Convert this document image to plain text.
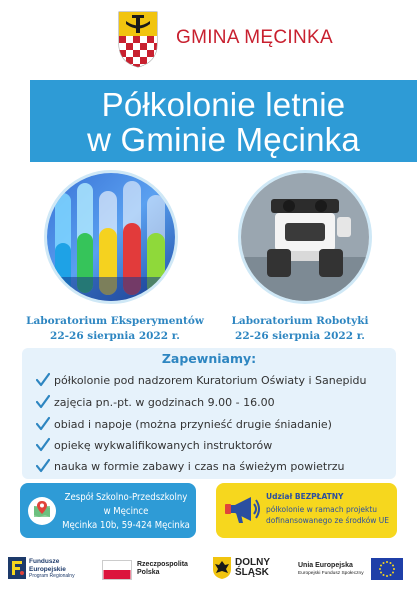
GMINA MĘCINKA
Półkolonie letnie
w Gminie Męcinka
Laboratorium Eksperymentów
22-26 sierpnia 2022 r.
Laboratorium Robotyki
22-26 sierpnia 2022 r.
Zapewniamy:
półkolonie pod nadzorem Kuratorium Oświaty i Sanepidu
zajęcia pn.-pt. w godzinach 9.00 - 16.00
obiad i napoje (można przynieść drugie śniadanie)
opiekę wykwalifikowanych instruktorów
nauka w formie zabawy i czas na świeżym powietrzu
Zespół Szkolno-Przedszkolny
w Męcince
Męcinka 10b, 59-424 Męcinka
Udział BEZPŁATNY
półkolonie w ramach projektu
dofinansowanego ze środków UE
Fundusze
Europejskie
Program Regionalny
Rzeczpospolita
Polska
DOLNY
ŚLĄSK
Unia Europejska
Europejski Fundusz Społeczny
